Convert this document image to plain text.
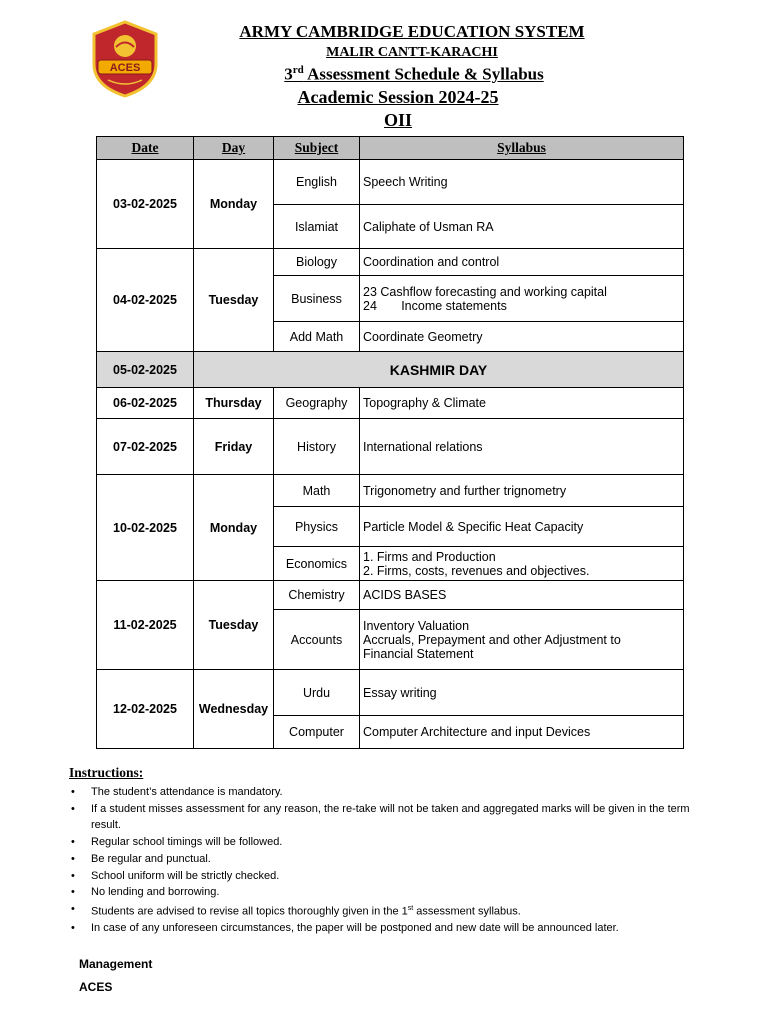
ACES
ARMY CAMBRIDGE EDUCATION SYSTEM
MALIR CANTT-KARACHI
3rd Assessment Schedule & Syllabus
Academic Session 2024-25
OII
Date	Day	Subject	Syllabus
03-02-2025	Monday	English	Speech Writing

		Islamiat	Caliphate of Usman RA

04-02-2025	Tuesday	Biology	Coordination and control

		Business	23 Cashflow forecasting and working capital
24       Income statements

		Add Math	Coordinate Geometry

05-02-2025	KASHMIR DAY		
06-02-2025	Thursday	Geography	Topography & Climate

07-02-2025	Friday	History	International relations

10-02-2025	Monday	Math	Trigonometry and further trignometry

		Physics	Particle Model & Specific Heat Capacity

		Economics	1. Firms and Production
2. Firms, costs, revenues and objectives.

11-02-2025	Tuesday	Chemistry	ACIDS BASES

		Accounts	Inventory Valuation
Accruals, Prepayment and other Adjustment to
Financial Statement

12-02-2025	Wednesday	Urdu	Essay writing

		Computer	Computer Architecture and input Devices
Instructions:
• The student’s attendance is mandatory.
• If a student misses assessment for any reason, the re-take will not be taken and aggregated marks will be given in the term result.
• Regular school timings will be followed.
• Be regular and punctual.
• School uniform will be strictly checked.
• No lending and borrowing.
• Students are advised to revise all topics thoroughly given in the 1st assessment syllabus.
• In case of any unforeseen circumstances, the paper will be postponed and new date will be announced later.
Management
ACES
